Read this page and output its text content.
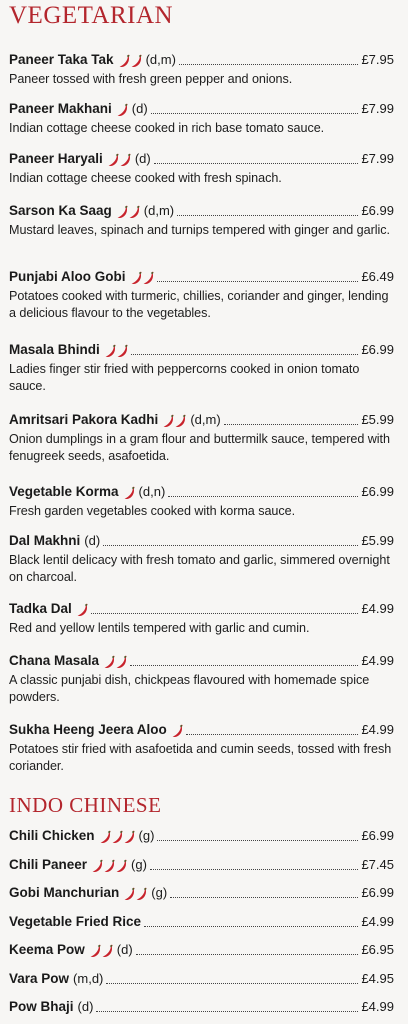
VEGETARIAN
INDO CHINESE
Paneer Taka Tak (d,m)	£7.95
Paneer tossed with fresh green pepper and onions.
Paneer Makhani (d)	£7.99
Indian cottage cheese cooked in rich base tomato sauce.
Paneer Haryali (d)	£7.99
Indian cottage cheese cooked with fresh spinach.
Sarson Ka Saag (d,m)	£6.99
Mustard leaves, spinach and turnips tempered with ginger and garlic.
Punjabi Aloo Gobi	£6.49
Potatoes cooked with turmeric, chillies, coriander and ginger, lending a delicious flavour to the vegetables.
Masala Bhindi	£6.99
Ladies finger stir fried with peppercorns cooked in onion tomato sauce.
Amritsari Pakora Kadhi (d,m)	£5.99
Onion dumplings in a gram flour and buttermilk sauce, tempered with fenugreek seeds, asafoetida.
Vegetable Korma (d,n)	£6.99
Fresh garden vegetables cooked with korma sauce.
Dal Makhni (d)	£5.99
Black lentil delicacy with fresh tomato and garlic, simmered overnight on charcoal.
Tadka Dal	£4.99
Red and yellow lentils tempered with garlic and cumin.
Chana Masala	£4.99
A classic punjabi dish, chickpeas flavoured with homemade spice powders.
Sukha Heeng Jeera Aloo	£4.99
Potatoes stir fried with asafoetida and cumin seeds, tossed with fresh coriander.
Chili Chicken	(g)	£6.99
Chili Paneer	(g)	£7.45
Gobi Manchurian (g)	£6.99
Vegetable Fried Rice	£4.99
Keema Pow (d)	£6.95
Vara Pow (m,d)	£4.95
Pow Bhaji (d)	£4.99
